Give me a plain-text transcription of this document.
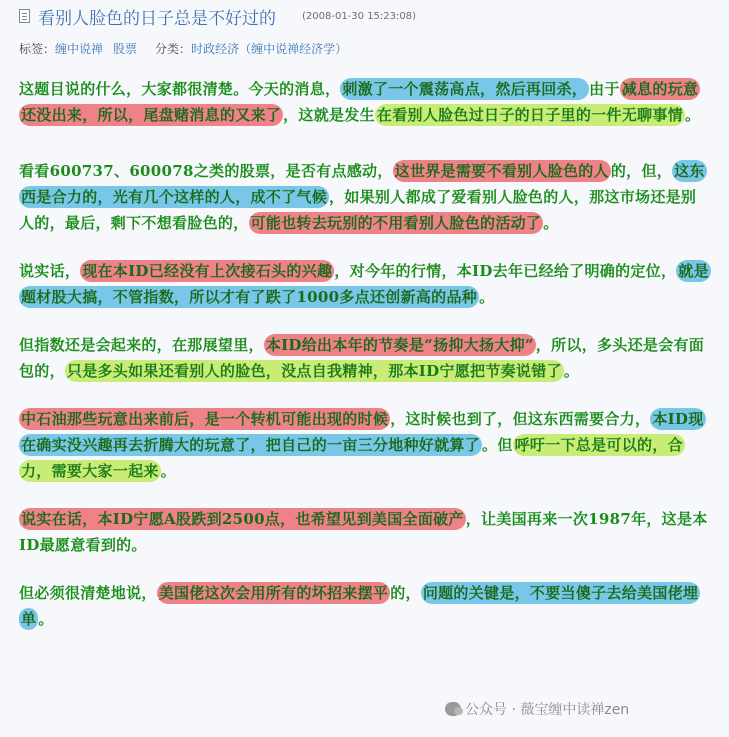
看别人脸色的日子总是不好过的	(2008-01-30 15:23:08)
标签：缠中说禅 股票 分类：时政经济（缠中说禅经济学）

这题目说的什么，大家都很清楚。今天的消息， 刺激了一个震荡高点，然后再回杀， 由于 减息的玩意还没出来，所以，尾盘赌消息的又来了 ，这就是发生 在看别人脸色过日子的日子里的一件无聊事情 。

看看600737、600078之类的股票，是否有点感动， 这世界是需要不看别人脸色的人 的，但， 这东西是合力的，光有几个这样的人，成不了气候 ，如果别人都成了爱看别人脸色的人，那这市场还是别人的，最后，剩下不想看脸色的， 可能也转去玩别的不用看别人脸色的活动了 。

说实话， 现在本ID已经没有上次接石头的兴趣 ，对今年的行情，本ID去年已经给了明确的定位， 就是题材股大搞，不管指数，所以才有了跌了1000多点还创新高的品种 。

但指数还是会起来的，在那展望里， 本ID给出本年的节奏是“扬抑大扬大抑” ，所以，多头还是会有面包的， 只是多头如果还看别人的脸色，没点自我精神，那本ID宁愿把节奏说错了 。

中石油那些玩意出来前后，是一个转机可能出现的时候 ，这时候也到了，但这东西需要合力， 本ID现在确实没兴趣再去折腾大的玩意了，把自己的一亩三分地种好就算了 。但 呼吁一下总是可以的，合力，需要大家一起来 。

说实在话，本ID宁愿A股跌到2500点，也希望见到美国全面破产 ，让美国再来一次1987年，这是本ID最愿意看到的。

但必须很清楚地说， 美国佬这次会用所有的坏招来摆平 的， 问题的关键是，不要当傻子去给美国佬埋单 。

公众号 · 薇宝缠中读禅zen
